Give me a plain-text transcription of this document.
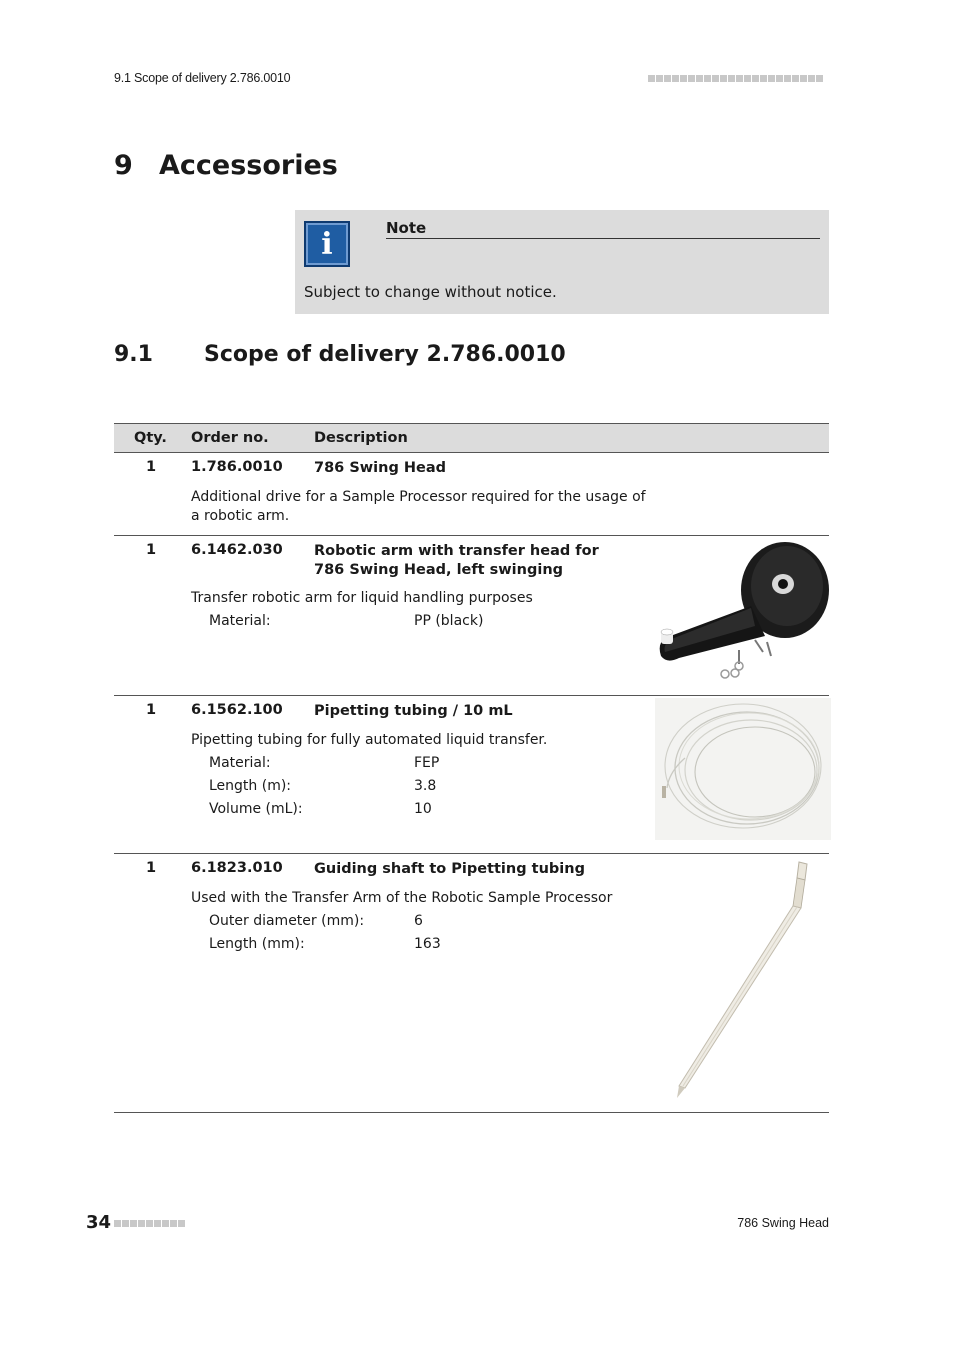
9.1 Scope of delivery 2.786.0010
9 Accessories
i	Note
Subject to change without notice.
9.1 Scope of delivery 2.786.0010
Qty. Order no.	Description
1 1.786.0010 786 Swing Head
Additional drive for a Sample Processor required for the usage of a robotic arm.
1 6.1462.030 Robotic arm with transfer head for 786 Swing Head, left swinging
Transfer robotic arm for liquid handling purposes
Material:	PP (black)
1 6.1562.100 Pipetting tubing / 10 mL
Pipetting tubing for fully automated liquid transfer.
Material:	FEP
Length (m):	3.8
Volume (mL):	10
1 6.1823.010 Guiding shaft to Pipetting tubing
Used with the Transfer Arm of the Robotic Sample Processor
Outer diameter (mm):	6
Length (mm):	163
34	786 Swing Head
